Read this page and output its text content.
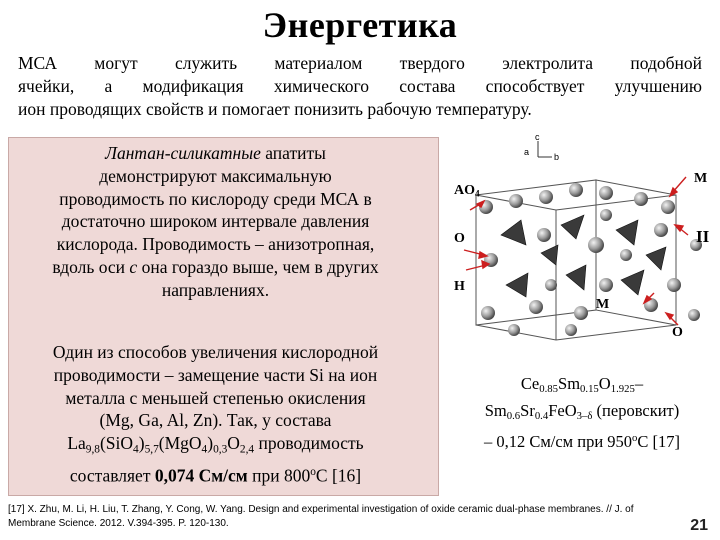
Энергетика
МСА могут служить материалом твердого электролита подобной
ячейки, а модификация химического состава способствует улучшению
ион проводящих свойств и помогает понизить рабочую температуру.
Лантан-силикатные апатиты
демонстрируют максимальную
проводимость по кислороду среди МСА в
достаточно широком интервале давления
кислорода. Проводимость – анизотропная,
вдоль оси c она гораздо выше, чем в других
направлениях.
Один из способов увеличения кислородной
проводимости – замещение части Si на ион
металла с меньшей степенью окисления
(Mg, Ga, Al, Zn). Так, у состава
$La_{9,8}(SiO_4)_{5,7}(MgO_4)_{0,3}O_{2,4}$ проводимость
составляет 0,074 См/см при $800^оС$ [16]
a	b
c
$AO_4$
O
H
M
M
II
O
$Ce_{0.85}Sm_{0.15}O_{1.925}-$
$Sm_{0.6}Sr_{0.4}FeO_{3-\delta}$ (перовскит)
– 0,12 См/см при $950^оС$ [17]
[17] X. Zhu, M. Li, H. Liu, T. Zhang, Y. Cong, W. Yang. Design and experimental investigation of oxide ceramic dual-phase membranes. // J. of
Membrane Science. 2012. V.394-395. P. 120-130.	21
